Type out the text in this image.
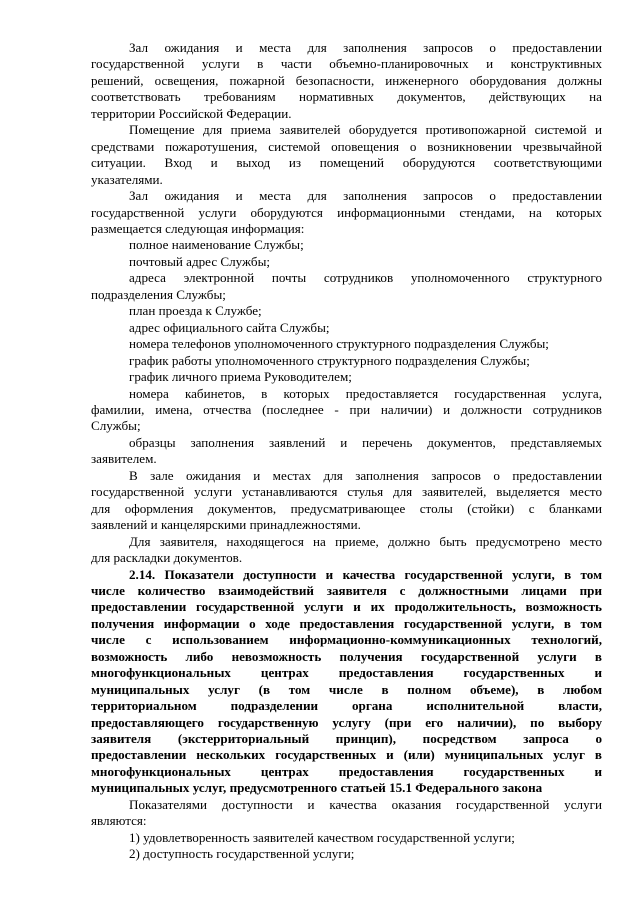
Зал ожидания и места для заполнения запросов о предоставлении
государственной услуги в части объемно-планировочных и конструктивных
решений, освещения, пожарной безопасности, инженерного оборудования должны
соответствовать требованиям нормативных документов, действующих на
территории Российской Федерации.
Помещение для приема заявителей оборудуется противопожарной системой и
средствами пожаротушения, системой оповещения о возникновении чрезвычайной
ситуации. Вход и выход из помещений оборудуются соответствующими
указателями.
Зал ожидания и места для заполнения запросов о предоставлении
государственной услуги оборудуются информационными стендами, на которых
размещается следующая информация:
полное наименование Службы;
почтовый адрес Службы;
адреса электронной почты сотрудников уполномоченного структурного
подразделения Службы;
план проезда к Службе;
адрес официального сайта Службы;
номера телефонов уполномоченного структурного подразделения Службы;
график работы уполномоченного структурного подразделения Службы;
график личного приема Руководителем;
номера кабинетов, в которых предоставляется государственная услуга,
фамилии, имена, отчества (последнее - при наличии) и должности сотрудников
Службы;
образцы заполнения заявлений и перечень документов, представляемых
заявителем.
В зале ожидания и местах для заполнения запросов о предоставлении
государственной услуги устанавливаются стулья для заявителей, выделяется место
для оформления документов, предусматривающее столы (стойки) с бланками
заявлений и канцелярскими принадлежностями.
Для заявителя, находящегося на приеме, должно быть предусмотрено место
для раскладки документов.
2.14. Показатели доступности и качества государственной услуги, в том
числе количество взаимодействий заявителя с должностными лицами при
предоставлении государственной услуги и их продолжительность, возможность
получения информации о ходе предоставления государственной услуги, в том
числе с использованием информационно-коммуникационных технологий,
возможность либо невозможность получения государственной услуги в
многофункциональных центрах предоставления государственных и
муниципальных услуг (в том числе в полном объеме), в любом
территориальном подразделении органа исполнительной власти,
предоставляющего государственную услугу (при его наличии), по выбору
заявителя (экстерриториальный принцип), посредством запроса о
предоставлении нескольких государственных и (или) муниципальных услуг в
многофункциональных центрах предоставления государственных и
муниципальных услуг, предусмотренного статьей 15.1 Федерального закона
Показателями доступности и качества оказания государственной услуги
являются:
1) удовлетворенность заявителей качеством государственной услуги;
2) доступность государственной услуги;
